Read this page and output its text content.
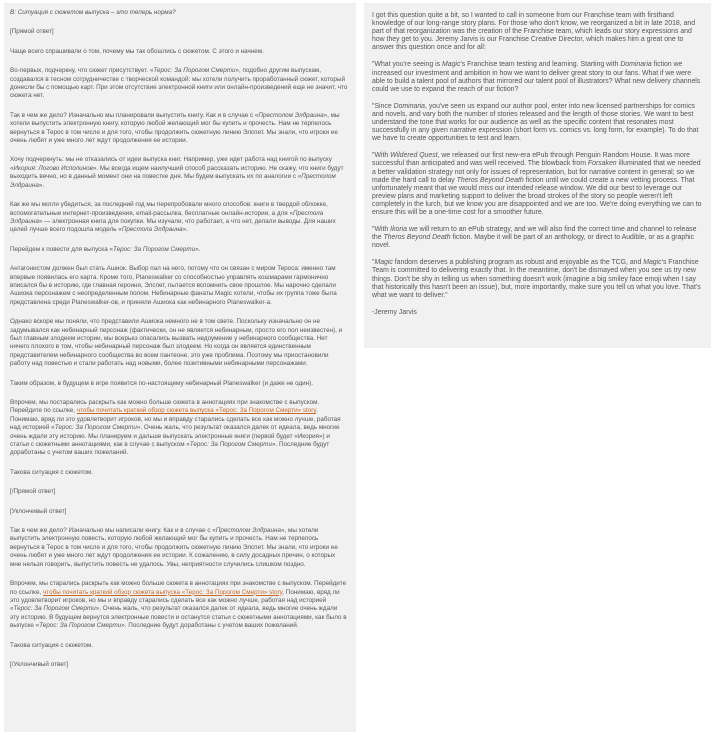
В: Ситуация с сюжетом выпуска – это теперь норма?
[Прямой ответ]
Чаще всего спрашивали о том, почему мы так обошлись с сюжетом. С этого и начнем.
Во-первых, подчеркну, что сюжет присутствует. «Терос: За Порогом Смерти», подобно другим выпускам, создавался в тесном сотрудничестве с творческой командой: мы хотели получить проработанный сюжет, который донесли бы с помощью карт. При этом отсутствие электронной книги или онлайн-произведений еще не значит, что сюжета нет.
Так в чем же дело? Изначально мы планировали выпустить книгу. Как и в случае с «Престолом Элдраина», мы хотели выпустить электронную книгу, которую любой желающий мог бы купить и прочесть. Нам не терпелось вернуться в Терос в том числе и для того, чтобы продолжить сюжетную линию Элспет. Мы знали, что игроки ее очень любят и уже много лет ждут продолжения ее истории.
Хочу подчеркнуть: мы не отказались от идеи выпуска книг. Например, уже идет работа над книгой по выпуску «Икория: Логово Исполинов». Мы всегда ищем наилучший способ рассказать историю. Не скажу, что книги будут выходить вечно, но в данный момент они на повестке дня. Мы будем выпускать их по аналогии с «Престолом Элдраина».
Как же мы могли убедиться, за последний год мы перепробовали много способов: книги в твердой обложке, вспомогательные интернет-произведения, email-рассылка, бесплатные онлайн-истории, а для «Престола Элдраина» — электронная книга для покупки. Мы изучали, что работает, а что нет, делали выводы. Для наших целей лучше всего подошла модель «Престола Элдраина».
Перейдем к повести для выпуска «Терос: За Порогом Смерти».
Антагонистом должен был стать Ашиок. Выбор пал на него, потому что он связан с миром Тероса: именно там впервые появилась его карта. Кроме того, Planeswalker со способностью управлять кошмарами гармонично вписался бы в историю, где главная героиня, Элспет, пытается вспомнить свое прошлое. Мы нарочно сделали Ашиока персонажем с неопределенным полом. Небинарные фанаты Magic хотели, чтобы их группа тоже была представлена среди Planeswalker-ов, и приняли Ашиока как небинарного Planeswalker-а.
Однако вскоре мы поняли, что представили Ашиока немного не в том свете. Поскольку изначально он не задумывался как небинарный персонаж (фактически, он не является небинарным, просто его пол неизвестен), и был главным злодеем истории, мы всерьез опасались вызвать недоумение у небинарного сообщества. Нет ничего плохого в том, чтобы небинарный персонаж был злодеем. Но когда он является единственным представителем небинарного сообщества во всем пантеоне, это уже проблема. Поэтому мы приостановили работу над повестью и стали работать над новыми, более позитивными небинарными персонажами.
Таким образом, в будущем в игре появится по-настоящему небинарный Planeswalker (и даже не один).
Впрочем, мы постарались раскрыть как можно больше сюжета в аннотациях при знакомстве с выпуском. Перейдите по ссылке, чтобы почитать краткий обзор сюжета выпуска «Терос: За Порогом Смерти» story. Понимаю, вряд ли это удовлетворит игроков, но мы и вправду старались сделать все как можно лучше, работая над историей «Терос: За Порогом Смерти». Очень жаль, что результат оказался далек от идеала, ведь многие очень ждали эту историю. Мы планируем и дальше выпускать электронные книги (первой будет «Икория») и статьи с сюжетными аннотациями, как в случае с выпуском «Терос: За Порогом Смерти». Последние будут доработаны с учетом ваших пожеланий.
Такова ситуация с сюжетом.
[/Прямой ответ]
[Уклончивый ответ]
Так в чем же дело? Изначально мы написали книгу. Как и в случае с «Престолом Элдраина», мы хотели выпустить электронную повесть, которую любой желающий мог бы купить и прочесть. Нам не терпелось вернуться в Терос в том числе и для того, чтобы продолжить сюжетную линию Элспет. Мы знали, что игроки ее очень любят и уже много лет ждут продолжения ее истории. К сожалению, в силу досадных причин, о которых мне нельзя говорить, выпустить повесть не удалось. Увы, неприятности случились слишком поздно.
Впрочем, мы старались раскрыть как можно больше сюжета в аннотациях при знакомстве с выпуском. Перейдите по ссылке, чтобы почитать краткий обзор сюжета выпуска «Терос: За Порогом Смерти» story. Понимаю, вряд ли это удовлетворит игроков, но мы и вправду старались сделать все как можно лучше, работая над историей «Терос: За Порогом Смерти». Очень жаль, что результат оказался далек от идеала, ведь многие очень ждали эту историю. В будущем вернутся электронные повести и останутся статьи с сюжетными аннотациями, как было в выпуске «Терос: За Порогом Смерти». Последние будут доработаны с учетом ваших пожеланий.
Такова ситуация с сюжетом.
[/Уклончивый ответ]
I got this question quite a bit, so I wanted to call in someone from our Franchise team with firsthand knowledge of our long-range story plans. For those who don't know, we reorganized a bit in late 2018, and part of that reorganization was the creation of the Franchise team, which leads our story expressions and how they get to you. Jeremy Jarvis is our Franchise Creative Director, which makes him a great one to answer this question once and for all:
"What you're seeing is Magic's Franchise team testing and learning. Starting with Dominaria fiction we increased our investment and ambition in how we want to deliver great story to our fans. What if we were able to build a talent pool of authors that mirrored our talent pool of illustrators? What new delivery channels could we use to expand the reach of our fiction?
"Since Dominaria, you've seen us expand our author pool, enter into new licensed partnerships for comics and novels, and vary both the number of stories released and the length of those stories. We want to best understand the tone that works for our audience as well as the specific content that resonates most successfully in any given narrative expression (short form vs. comics vs. long form, for example). To do that we have to create opportunities to test and learn.
"With Wildered Quest, we released our first new-era ePub through Penguin Random House. It was more successful than anticipated and was well received. The blowback from Forsaken illuminated that we needed a better validation strategy not only for issues of representation, but for narrative content in general; so we made the hard call to delay Theros Beyond Death fiction until we could create a new vetting process. That unfortunately meant that we would miss our intended release window. We did our best to leverage our preview plans and marketing support to deliver the broad strokes of the story so people weren't left completely in the lurch, but we know you are disappointed and we are too. We're doing everything we can to ensure this will be a one-time cost for a smoother future.
"With Ikoria we will return to an ePub strategy, and we will also find the correct time and channel to release the Theros Beyond Death fiction. Maybe it will be part of an anthology, or direct to Audible, or as a graphic novel.
"Magic fandom deserves a publishing program as robust and enjoyable as the TCG, and Magic's Franchise Team is committed to delivering exactly that. In the meantime, don't be dismayed when you see us try new things. Don't be shy in telling us when something doesn't work (imagine a big smiley face emoji when I say that historically this hasn't been an issue), but, more importantly, make sure you tell us what you love. That's what we want to deliver."
-Jeremy Jarvis
